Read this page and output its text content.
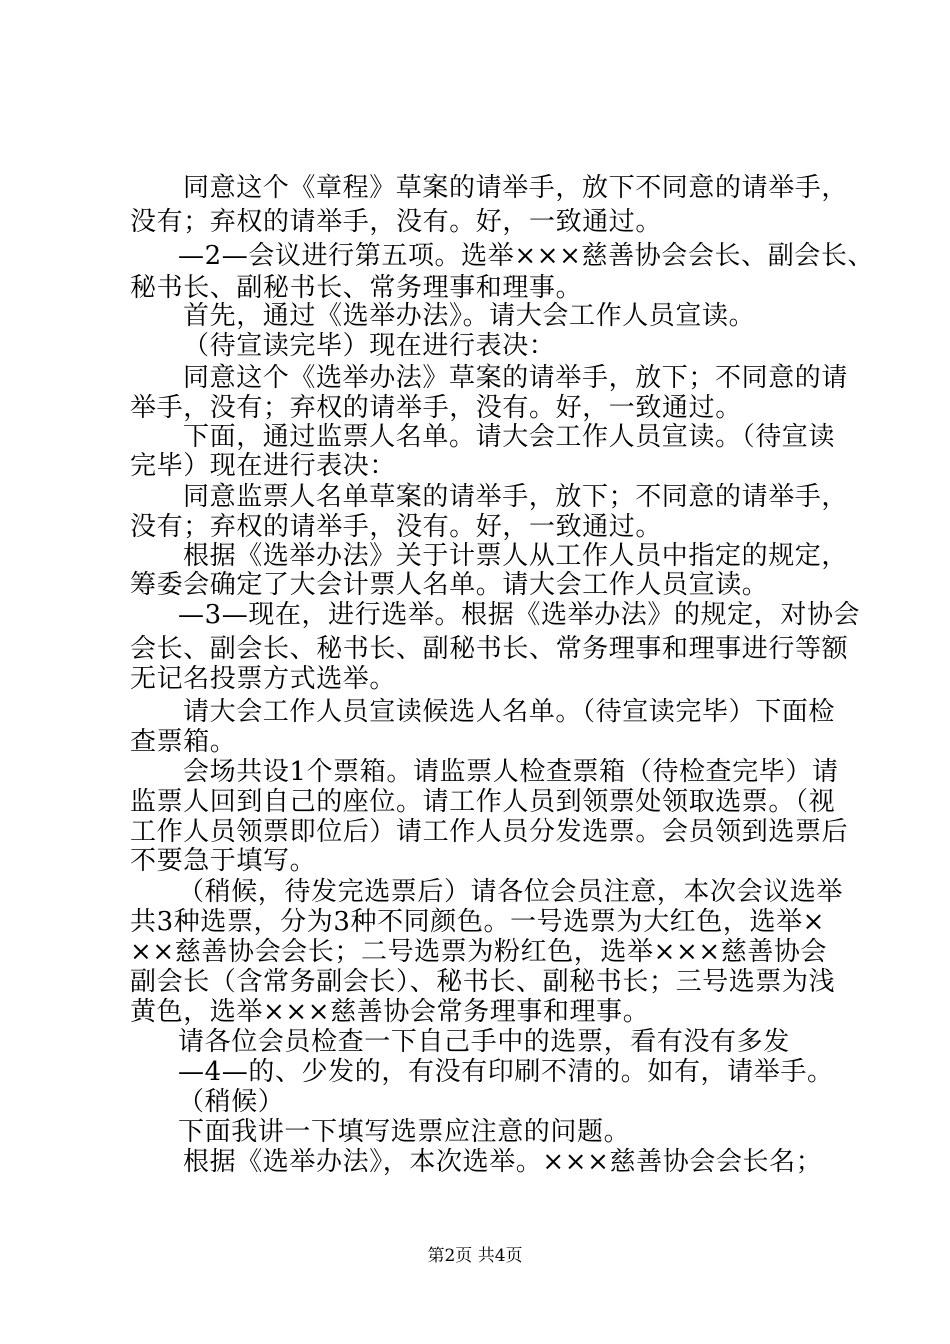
同意这个《章程》草案的请举手，放下不同意的请举手，
没有；弃权的请举手，没有。好，一致通过。
—2—会议进行第五项。选举×××慈善协会会长、副会长、
秘书长、副秘书长、常务理事和理事。
首先，通过《选举办法》。请大会工作人员宣读。
（待宣读完毕）现在进行表决：
同意这个《选举办法》草案的请举手，放下；不同意的请
举手，没有；弃权的请举手，没有。好，一致通过。
下面，通过监票人名单。请大会工作人员宣读。（待宣读
完毕）现在进行表决：
同意监票人名单草案的请举手，放下；不同意的请举手，
没有；弃权的请举手，没有。好，一致通过。
根据《选举办法》关于计票人从工作人员中指定的规定，
筹委会确定了大会计票人名单。请大会工作人员宣读。
—3—现在，进行选举。根据《选举办法》的规定，对协会
会长、副会长、秘书长、副秘书长、常务理事和理事进行等额
无记名投票方式选举。
请大会工作人员宣读候选人名单。（待宣读完毕）下面检
查票箱。
会场共设1个票箱。请监票人检查票箱（待检查完毕）请
监票人回到自己的座位。请工作人员到领票处领取选票。（视
工作人员领票即位后）请工作人员分发选票。会员领到选票后
不要急于填写。
（稍候，待发完选票后）请各位会员注意，本次会议选举
共3种选票，分为3种不同颜色。一号选票为大红色，选举×
××慈善协会会长；二号选票为粉红色，选举×××慈善协会
副会长（含常务副会长）、秘书长、副秘书长；三号选票为浅
黄色，选举×××慈善协会常务理事和理事。
请各位会员检查一下自己手中的选票，看有没有多发
—4—的、少发的，有没有印刷不清的。如有，请举手。
（稍候）
下面我讲一下填写选票应注意的问题。
根据《选举办法》，本次选举。×××慈善协会会长名；
第2页 共4页
